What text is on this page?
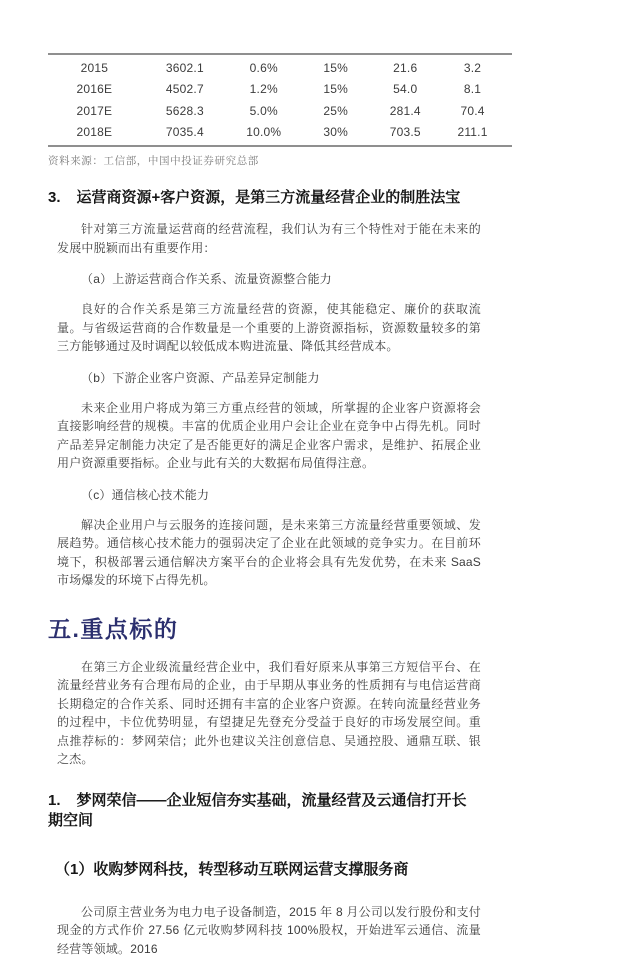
2015	3602.1	0.6%	15%	21.6	3.2
2016E	4502.7	1.2%	15%	54.0	8.1
2017E	5628.3	5.0%	25%	281.4	70.4
2018E	7035.4	10.0%	30%	703.5	211.1
资料来源：工信部，中国中投证券研究总部
3. 运营商资源+客户资源，是第三方流量经营企业的制胜法宝

针对第三方流量运营商的经营流程，我们认为有三个特性对于能在未来的发展中脱颖而出有重要作用：

（a）上游运营商合作关系、流量资源整合能力

良好的合作关系是第三方流量经营的资源，使其能稳定、廉价的获取流量。与省级运营商的合作数量是一个重要的上游资源指标，资源数量较多的第三方能够通过及时调配以较低成本购进流量、降低其经营成本。

（b）下游企业客户资源、产品差异定制能力

未来企业用户将成为第三方重点经营的领域，所掌握的企业客户资源将会直接影响经营的规模。丰富的优质企业用户会让企业在竞争中占得先机。同时产品差异定制能力决定了是否能更好的满足企业客户需求，是维护、拓展企业用户资源重要指标。企业与此有关的大数据布局值得注意。

（c）通信核心技术能力

解决企业用户与云服务的连接问题，是未来第三方流量经营重要领域、发展趋势。通信核心技术能力的强弱决定了企业在此领域的竞争实力。在目前环境下，积极部署云通信解决方案平台的企业将会具有先发优势，在未来 SaaS 市场爆发的环境下占得先机。

五.重点标的

在第三方企业级流量经营企业中，我们看好原来从事第三方短信平台、在流量经营业务有合理布局的企业，由于早期从事业务的性质拥有与电信运营商长期稳定的合作关系、同时还拥有丰富的企业客户资源。在转向流量经营业务的过程中，卡位优势明显，有望捷足先登充分受益于良好的市场发展空间。重点推荐标的：梦网荣信；此外也建议关注创意信息、吴通控股、通鼎互联、银之杰。

1. 梦网荣信——企业短信夯实基础，流量经营及云通信打开长期空间
（1）收购梦网科技，转型移动互联网运营支撑服务商

公司原主营业务为电力电子设备制造，2015 年 8 月公司以发行股份和支付现金的方式作价 27.56 亿元收购梦网科技 100%股权，开始进军云通信、流量经营等领域。2016
